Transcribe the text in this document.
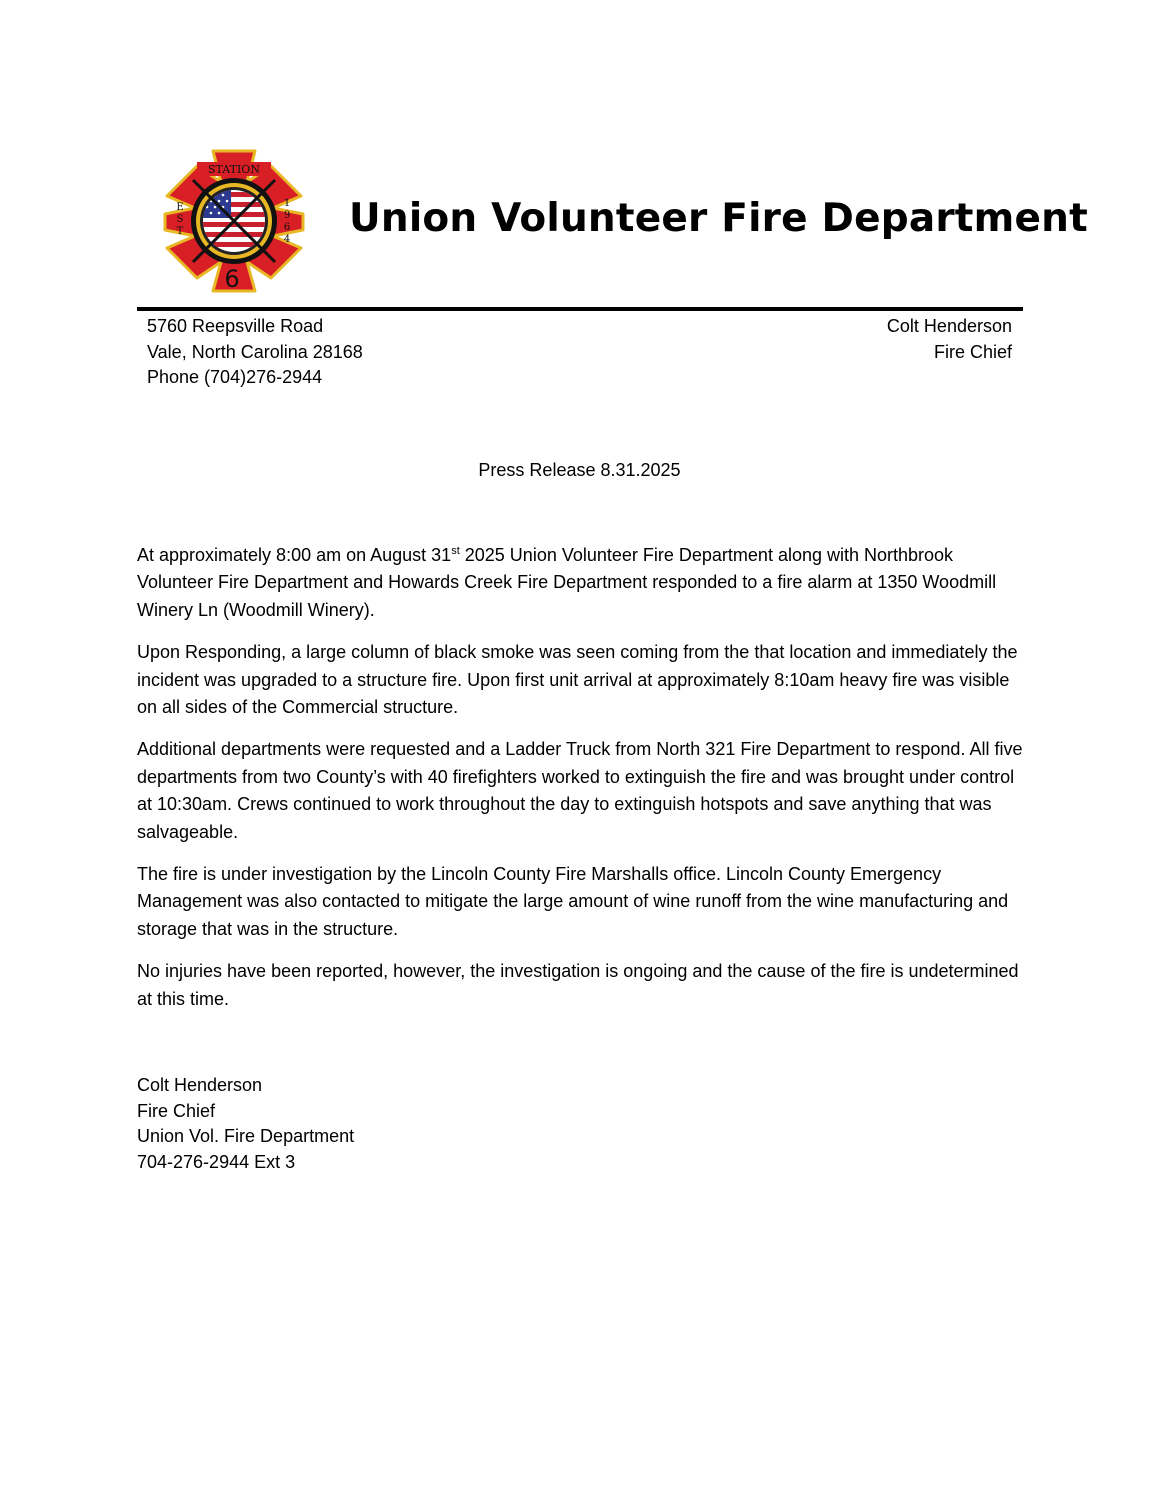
STATION
E
S
T
1
9
6
4
6
Union Volunteer Fire Department
5760 Reepsville Road
Vale, North Carolina 28168
Phone (704)276-2944
Colt Henderson
Fire Chief
Press Release 8.31.2025

At approximately 8:00 am on August 31st 2025 Union Volunteer Fire Department along with Northbrook Volunteer Fire Department and Howards Creek Fire Department responded to a fire alarm at 1350 Woodmill Winery Ln (Woodmill Winery).

Upon Responding, a large column of black smoke was seen coming from the that location and immediately the incident was upgraded to a structure fire. Upon first unit arrival at approximately 8:10am heavy fire was visible on all sides of the Commercial structure.

Additional departments were requested and a Ladder Truck from North 321 Fire Department to respond. All five departments from two County’s with 40 firefighters worked to extinguish the fire and was brought under control at 10:30am. Crews continued to work throughout the day to extinguish hotspots and save anything that was salvageable.

The fire is under investigation by the Lincoln County Fire Marshalls office. Lincoln County Emergency Management was also contacted to mitigate the large amount of wine runoff from the wine manufacturing and storage that was in the structure.

No injuries have been reported, however, the investigation is ongoing and the cause of the fire is undetermined at this time.

Colt Henderson
Fire Chief
Union Vol. Fire Department
704-276-2944 Ext 3
